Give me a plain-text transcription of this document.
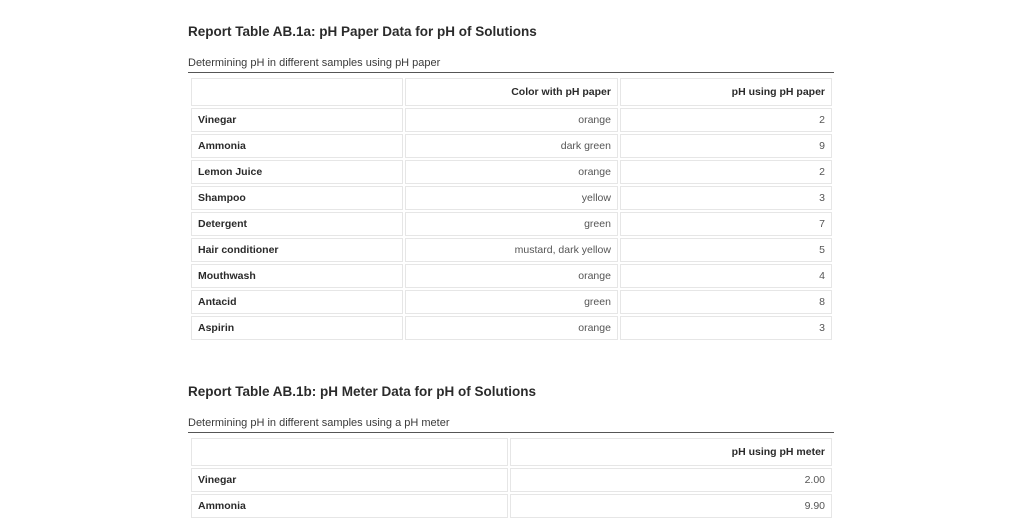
Report Table AB.1a: pH Paper Data for pH of Solutions
Determining pH in different samples using pH paper
	Color with pH paper	pH using pH paper
Vinegar	orange	2
Ammonia	dark green	9
Lemon Juice	orange	2
Shampoo	yellow	3
Detergent	green	7
Hair conditioner	mustard, dark yellow	5
Mouthwash	orange	4
Antacid	green	8
Aspirin	orange	3
Report Table AB.1b: pH Meter Data for pH of Solutions
Determining pH in different samples using a pH meter
	pH using pH meter
Vinegar	2.00
Ammonia	9.90
